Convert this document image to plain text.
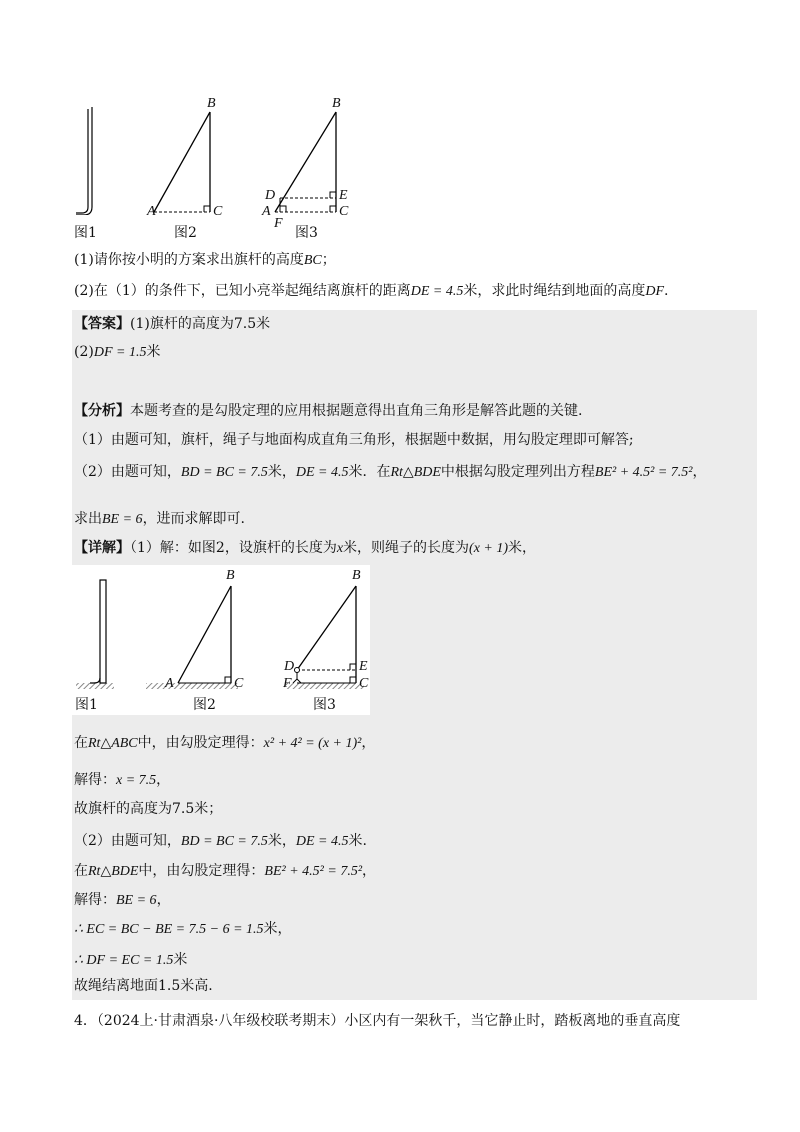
B
A	C
B
D	E
A	C
F
图1	图2	图3
(1)请你按小明的方案求出旗杆的高度BC；
(2)在（1）的条件下，已知小亮举起绳结离旗杆的距离DE = 4.5米，求此时绳结到地面的高度DF.
【答案】(1)旗杆的高度为7.5米
(2)DF = 1.5米
【分析】本题考查的是勾股定理的应用根据题意得出直角三角形是解答此题的关键.
（1）由题可知，旗杆，绳子与地面构成直角三角形，根据题中数据，用勾股定理即可解答;
（2）由题可知，BD = BC = 7.5米，DE = 4.5米．在Rt△BDE中根据勾股定理列出方程BE² + 4.5² = 7.5²，
求出BE = 6，进而求解即可.
【详解】（1）解：如图2，设旗杆的长度为x米，则绳子的长度为(x + 1)米，
B
A	C
B
D	E
F	C
图1	图2	图3
在Rt△ABC中，由勾股定理得：x² + 4² = (x + 1)²，
解得：x = 7.5，
故旗杆的高度为7.5米；
（2）由题可知，BD = BC = 7.5米，DE = 4.5米.
在Rt△BDE中，由勾股定理得：BE² + 4.5² = 7.5²，
解得：BE = 6，
∴ EC = BC − BE = 7.5 − 6 = 1.5米，
∴ DF = EC = 1.5米
故绳结离地面1.5米高.
4．（2024上·甘肃酒泉·八年级校联考期末）小区内有一架秋千，当它静止时，踏板离地的垂直高度
